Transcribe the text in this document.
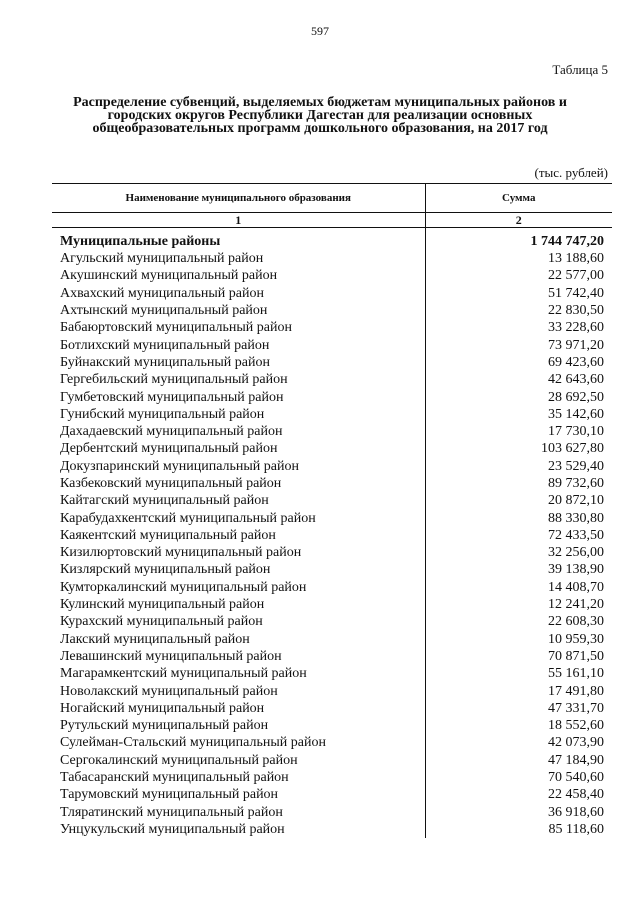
597
Таблица 5
Распределение субвенций, выделяемых бюджетам муниципальных районов и городских округов Республики Дагестан для реализации основных общеобразовательных программ дошкольного образования, на 2017 год
(тыс. рублей)
Наименование муниципального образования	Сумма
1	2
Муниципальные районы	1 744 747,20
Агульский муниципальный район	13 188,60
Акушинский муниципальный район	22 577,00
Ахвахский муниципальный район	51 742,40
Ахтынский муниципальный район	22 830,50
Бабаюртовский муниципальный район	33 228,60
Ботлихский муниципальный район	73 971,20
Буйнакский муниципальный район	69 423,60
Гергебильский муниципальный район	42 643,60
Гумбетовский муниципальный район	28 692,50
Гунибский муниципальный район	35 142,60
Дахадаевский муниципальный район	17 730,10
Дербентский муниципальный район	103 627,80
Докузпаринский муниципальный район	23 529,40
Казбековский муниципальный район	89 732,60
Кайтагский муниципальный район	20 872,10
Карабудахкентский муниципальный район	88 330,80
Каякентский муниципальный район	72 433,50
Кизилюртовский муниципальный район	32 256,00
Кизлярский муниципальный район	39 138,90
Кумторкалинский муниципальный район	14 408,70
Кулинский муниципальный район	12 241,20
Курахский муниципальный район	22 608,30
Лакский муниципальный район	10 959,30
Левашинский муниципальный район	70 871,50
Магарамкентский муниципальный район	55 161,10
Новолакский муниципальный район	17 491,80
Ногайский муниципальный район	47 331,70
Рутульский муниципальный район	18 552,60
Сулейман-Стальский муниципальный район	42 073,90
Сергокалинский муниципальный район	47 184,90
Табасаранский муниципальный район	70 540,60
Тарумовский муниципальный район	22 458,40
Тляратинский муниципальный район	36 918,60
Унцукульский муниципальный район	85 118,60
